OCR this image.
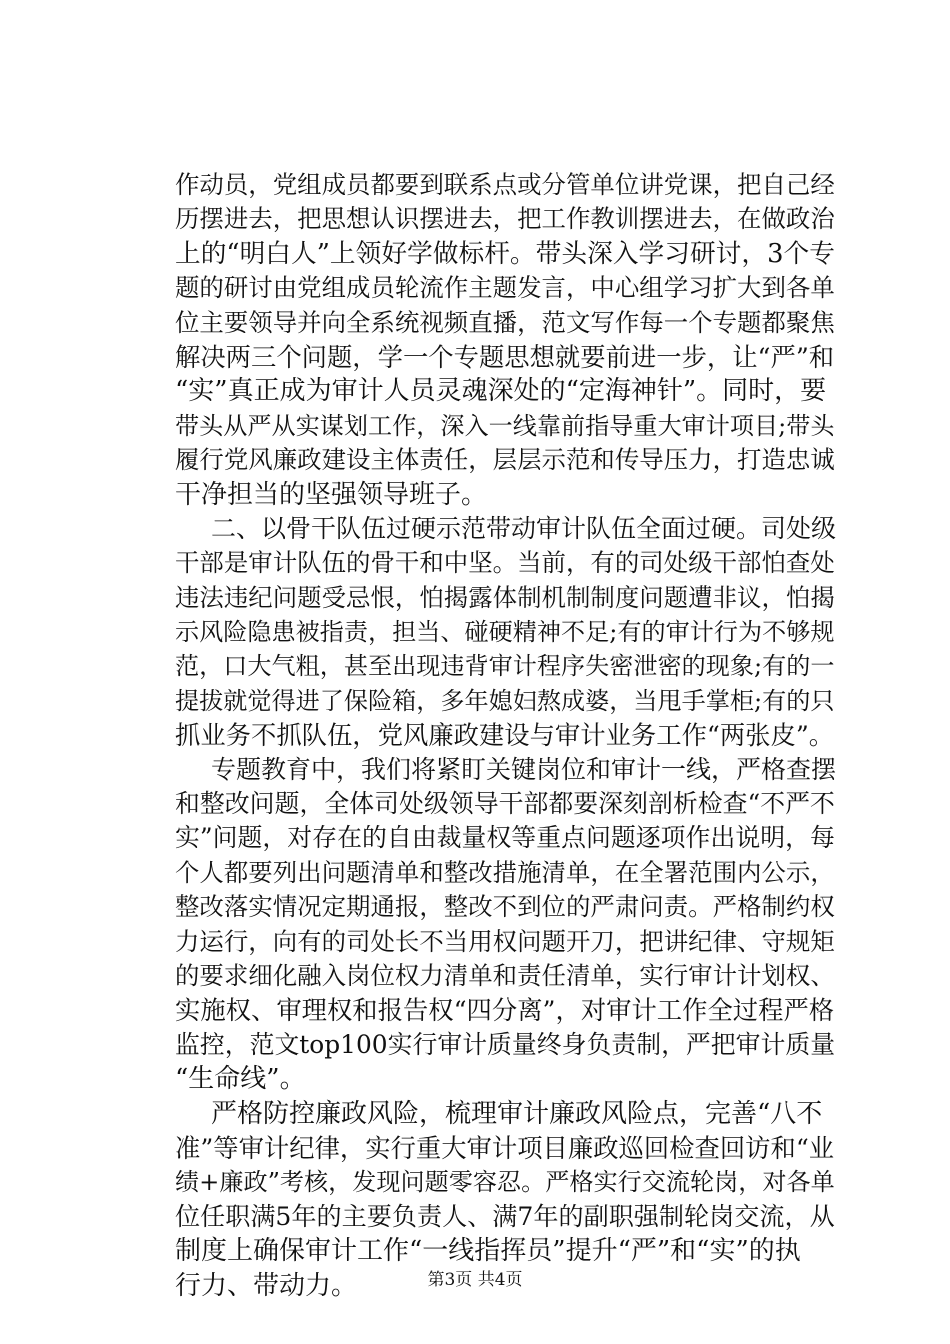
作动员，党组成员都要到联系点或分管单位讲党课，把自己经
历摆进去，把思想认识摆进去，把工作教训摆进去，在做政治
上的“明白人”上领好学做标杆。带头深入学习研讨，3个专
题的研讨由党组成员轮流作主题发言，中心组学习扩大到各单
位主要领导并向全系统视频直播，范文写作每一个专题都聚焦
解决两三个问题，学一个专题思想就要前进一步，让“严”和
“实”真正成为审计人员灵魂深处的“定海神针”。同时，要
带头从严从实谋划工作，深入一线靠前指导重大审计项目;带头
履行党风廉政建设主体责任，层层示范和传导压力，打造忠诚
干净担当的坚强领导班子。
二、以骨干队伍过硬示范带动审计队伍全面过硬。司处级
干部是审计队伍的骨干和中坚。当前，有的司处级干部怕查处
违法违纪问题受忌恨，怕揭露体制机制制度问题遭非议，怕揭
示风险隐患被指责，担当、碰硬精神不足;有的审计行为不够规
范，口大气粗，甚至出现违背审计程序失密泄密的现象;有的一
提拔就觉得进了保险箱，多年媳妇熬成婆，当甩手掌柜;有的只
抓业务不抓队伍，党风廉政建设与审计业务工作“两张皮”。
专题教育中，我们将紧盯关键岗位和审计一线，严格查摆
和整改问题，全体司处级领导干部都要深刻剖析检查“不严不
实”问题，对存在的自由裁量权等重点问题逐项作出说明，每
个人都要列出问题清单和整改措施清单，在全署范围内公示，
整改落实情况定期通报，整改不到位的严肃问责。严格制约权
力运行，向有的司处长不当用权问题开刀，把讲纪律、守规矩
的要求细化融入岗位权力清单和责任清单，实行审计计划权、
实施权、审理权和报告权“四分离”，对审计工作全过程严格
监控，范文top100实行审计质量终身负责制，严把审计质量
“生命线”。
严格防控廉政风险，梳理审计廉政风险点，完善“八不
准”等审计纪律，实行重大审计项目廉政巡回检查回访和“业
绩+廉政”考核，发现问题零容忍。严格实行交流轮岗，对各单
位任职满5年的主要负责人、满7年的副职强制轮岗交流，从
制度上确保审计工作“一线指挥员”提升“严”和“实”的执
行力、带动力。	第3页 共4页
